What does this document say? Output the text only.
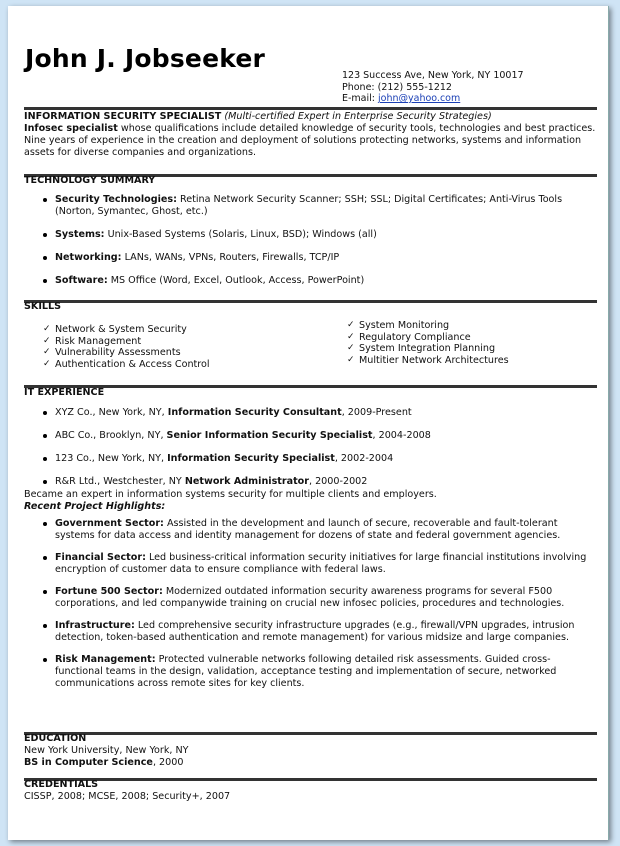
John J. Jobseeker
123 Success Ave, New York, NY 10017
Phone: (212) 555-1212
E-mail: john@yahoo.com
INFORMATION SECURITY SPECIALIST (Multi-certified Expert in Enterprise Security Strategies)
Infosec specialist whose qualifications include detailed knowledge of security tools, technologies and best practices. Nine years of experience in the creation and deployment of solutions protecting networks, systems and information assets for diverse companies and organizations.
TECHNOLOGY SUMMARY
Security Technologies: Retina Network Security Scanner; SSH; SSL; Digital Certificates; Anti-Virus Tools (Norton, Symantec, Ghost, etc.)
Systems: Unix-Based Systems (Solaris, Linux, BSD); Windows (all)
Networking: LANs, WANs, VPNs, Routers, Firewalls, TCP/IP
Software: MS Office (Word, Excel, Outlook, Access, PowerPoint)
SKILLS
✓ Network & System Security
✓ Risk Management
✓ Vulnerability Assessments
✓ Authentication & Access Control
✓ System Monitoring
✓ Regulatory Compliance
✓ System Integration Planning
✓ Multitier Network Architectures
IT EXPERIENCE
XYZ Co., New York, NY, Information Security Consultant, 2009-Present
ABC Co., Brooklyn, NY, Senior Information Security Specialist, 2004-2008
123 Co., New York, NY, Information Security Specialist, 2002-2004
R&R Ltd., Westchester, NY Network Administrator, 2000-2002
Became an expert in information systems security for multiple clients and employers.
Recent Project Highlights:
Government Sector: Assisted in the development and launch of secure, recoverable and fault-tolerant systems for data access and identity management for dozens of state and federal government agencies.
Financial Sector: Led business-critical information security initiatives for large financial institutions involving encryption of customer data to ensure compliance with federal laws.
Fortune 500 Sector: Modernized outdated information security awareness programs for several F500 corporations, and led companywide training on crucial new infosec policies, procedures and technologies.
Infrastructure: Led comprehensive security infrastructure upgrades (e.g., firewall/VPN upgrades, intrusion detection, token-based authentication and remote management) for various midsize and large companies.
Risk Management: Protected vulnerable networks following detailed risk assessments. Guided cross-functional teams in the design, validation, acceptance testing and implementation of secure, networked communications across remote sites for key clients.
EDUCATION
New York University, New York, NY
BS in Computer Science, 2000
CREDENTIALS
CISSP, 2008; MCSE, 2008; Security+, 2007
